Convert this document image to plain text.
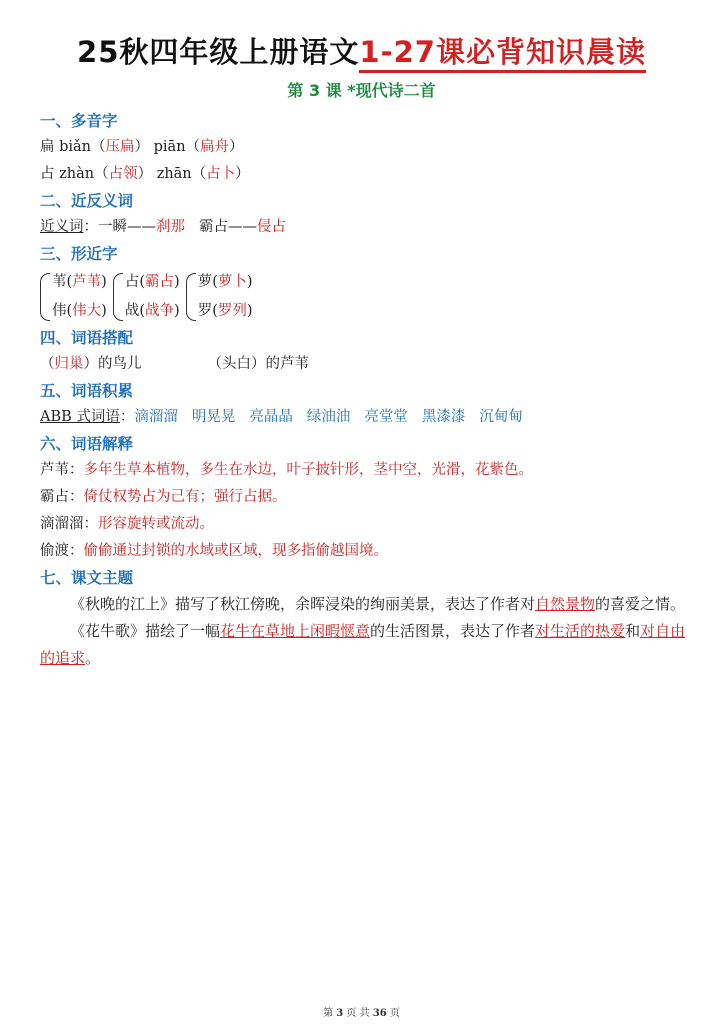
25秋四年级上册语文1-27课必背知识晨读
第 3 课 *现代诗二首
一、多音字
扁 biǎn（压扁） piān（扁舟）
占 zhàn（占领） zhān（占卜）
二、近反义词
近义词：一瞬——刹那 霸占——侵占
三、形近字
苇(芦苇)
伟(伟大)
占(霸占)
战(战争)
萝(萝卜)
罗(罗列)
四、词语搭配
（归巢）的鸟儿	（头白）的芦苇
五、词语积累
ABB 式词语：滴溜溜 明晃晃 亮晶晶 绿油油 亮堂堂 黑漆漆 沉甸甸
六、词语解释
芦苇：多年生草本植物，多生在水边，叶子披针形，茎中空，光滑，花紫色。
霸占：倚仗权势占为己有；强行占据。
滴溜溜：形容旋转或流动。
偷渡：偷偷通过封锁的水域或区域，现多指偷越国境。
七、课文主题

《秋晚的江上》描写了秋江傍晚，余晖浸染的绚丽美景，表达了作者对自然景物的喜爱之情。

《花牛歌》描绘了一幅花牛在草地上闲暇惬意的生活图景，表达了作者对生活的热爱和对自由的追求。

第 3 页 共 36 页
